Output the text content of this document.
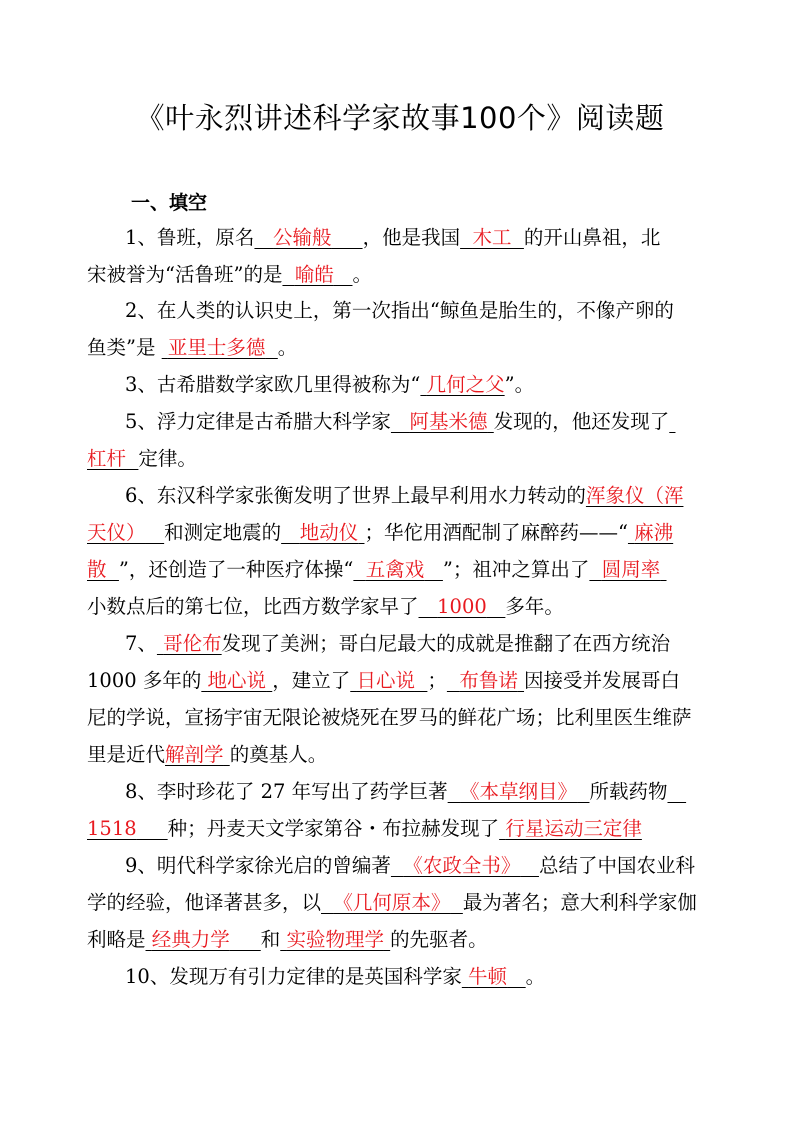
《叶永烈讲述科学家故事100个》阅读题
一、填空
1、鲁班，原名 公输般 ，他是我国 木工 的开山鼻祖，北
宋被誉为“活鲁班”的是 喻皓 。
2、在人类的认识史上，第一次指出“鲸鱼是胎生的，不像产卵的
鱼类”是  亚里士多德 。
3、古希腊数学家欧几里得被称为“ 几何之父”。
5、浮力定律是古希腊大科学家 阿基米德 发现的，他还发现了
杠杆 定律。
6、东汉科学家张衡发明了世界上最早利用水力转动的浑象仪（浑
天仪） 和测定地震的 地动仪 ；华佗用酒配制了麻醉药——“ 麻沸
散 ”，还创造了一种医疗体操“ 五禽戏 ”；祖冲之算出了 圆周率
小数点后的第七位，比西方数学家早了 1000 多年。
7、 哥伦布发现了美洲；哥白尼最大的成就是推翻了在西方统治
1000 多年的 地心说 ，建立了 日心说 ； 布鲁诺 因接受并发展哥白
尼的学说，宣扬宇宙无限论被烧死在罗马的鲜花广场；比利里医生维萨
里是近代解剖学 的奠基人。
8、李时珍花了 27 年写出了药学巨著 《本草纲目》 所载药物
1518 种；丹麦天文学家第谷・布拉赫发现了 行星运动三定律
9、明代科学家徐光启的曾编著 《农政全书》 总结了中国农业科
学的经验，他译著甚多，以 《几何原本》 最为著名；意大利科学家伽
利略是 经典力学 和 实验物理学 的先驱者。
10、发现万有引力定律的是英国科学家 牛顿 。
